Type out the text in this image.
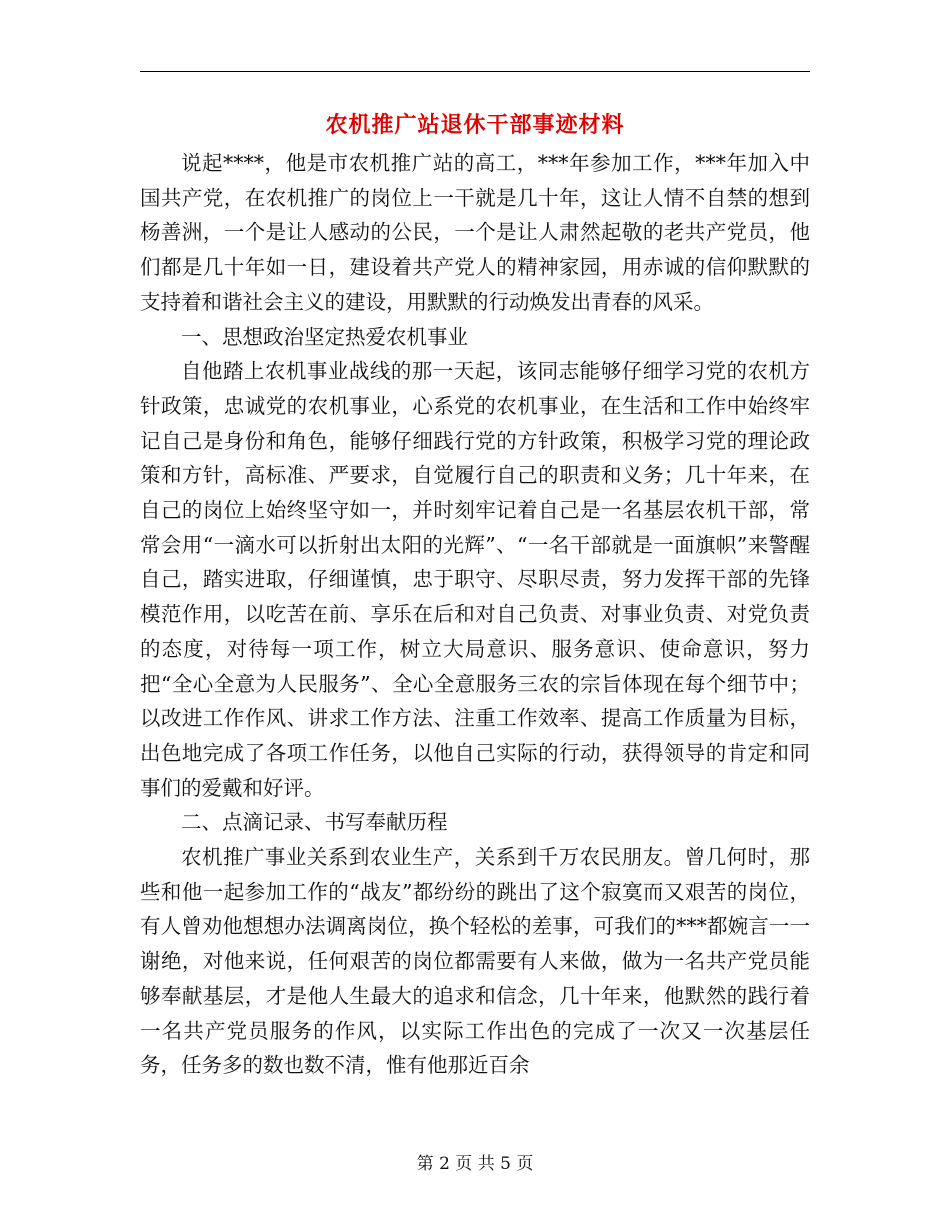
农机推广站退休干部事迹材料

说起****，他是市农机推广站的高工，***年参加工作，***年加入中国共产党，在农机推广的岗位上一干就是几十年，这让人情不自禁的想到杨善洲，一个是让人感动的公民，一个是让人肃然起敬的老共产党员，他们都是几十年如一日，建设着共产党人的精神家园，用赤诚的信仰默默的支持着和谐社会主义的建设，用默默的行动焕发出青春的风采。

一、思想政治坚定热爱农机事业

自他踏上农机事业战线的那一天起，该同志能够仔细学习党的农机方针政策，忠诚党的农机事业，心系党的农机事业，在生活和工作中始终牢记自己是身份和角色，能够仔细践行党的方针政策，积极学习党的理论政策和方针，高标准、严要求，自觉履行自己的职责和义务；几十年来，在自己的岗位上始终坚守如一，并时刻牢记着自己是一名基层农机干部，常常会用“一滴水可以折射出太阳的光辉”、“一名干部就是一面旗帜”来警醒自己，踏实进取，仔细谨慎，忠于职守、尽职尽责，努力发挥干部的先锋模范作用，以吃苦在前、享乐在后和对自己负责、对事业负责、对党负责的态度，对待每一项工作，树立大局意识、服务意识、使命意识，努力把“全心全意为人民服务”、全心全意服务三农的宗旨体现在每个细节中；以改进工作作风、讲求工作方法、注重工作效率、提高工作质量为目标，出色地完成了各项工作任务，以他自己实际的行动，获得领导的肯定和同事们的爱戴和好评。

二、点滴记录、书写奉献历程

农机推广事业关系到农业生产，关系到千万农民朋友。曾几何时，那些和他一起参加工作的“战友”都纷纷的跳出了这个寂寞而又艰苦的岗位，有人曾劝他想想办法调离岗位，换个轻松的差事，可我们的***都婉言一一谢绝，对他来说，任何艰苦的岗位都需要有人来做，做为一名共产党员能够奉献基层，才是他人生最大的追求和信念，几十年来，他默然的践行着一名共产党员服务的作风，以实际工作出色的完成了一次又一次基层任务，任务多的数也数不清，惟有他那近百余

第 2 页 共 5 页
